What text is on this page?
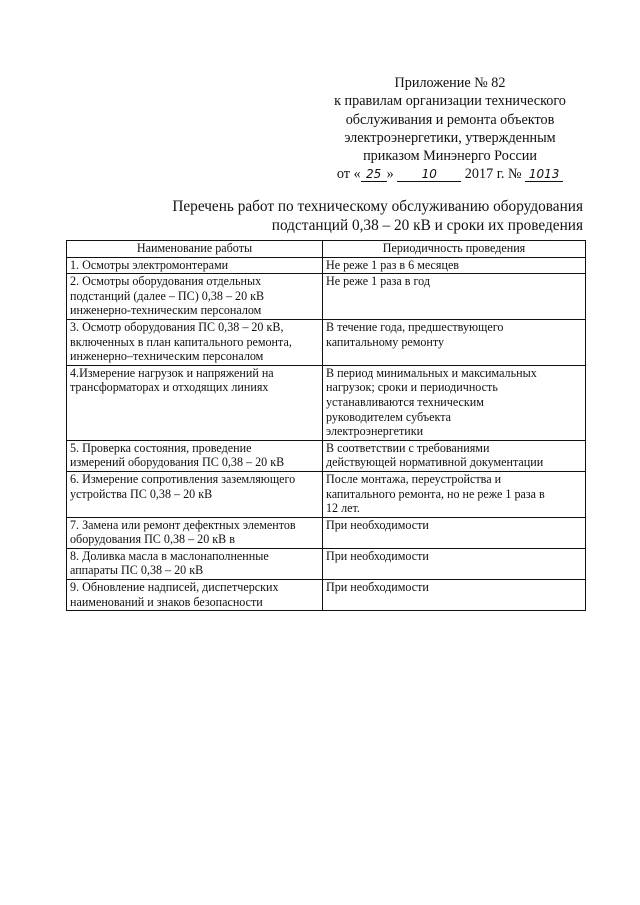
Приложение № 82
к правилам организации технического
обслуживания и ремонта объектов
электроэнергетики, утвержденным
приказом Минэнерго России
от « 25 » 10 2017 г. № 1013
Перечень работ по техническому обслуживанию оборудования
подстанций 0,38 – 20 кВ и сроки их проведения
Наименование работы	Периодичность проведения
1. Осмотры электромонтерами	Не реже 1 раз в 6 месяцев
2. Осмотры оборудования отдельных
подстанций (далее – ПС) 0,38 – 20 кВ
инженерно-техническим персоналом	Не реже 1 раза в год
3. Осмотр оборудования ПС 0,38 – 20 кВ,
включенных в план капитального ремонта,
инженерно–техническим персоналом	В течение года, предшествующего
капитальному ремонту
4.Измерение нагрузок и напряжений на
трансформаторах и отходящих линиях	В период минимальных и максимальных
нагрузок; сроки и периодичность
устанавливаются техническим
руководителем субъекта
электроэнергетики
5. Проверка состояния, проведение
измерений оборудования ПС 0,38 – 20 кВ	В соответствии с требованиями
действующей нормативной документации
6. Измерение сопротивления заземляющего
устройства ПС 0,38 – 20 кВ	После монтажа, переустройства и
капитального ремонта, но не реже 1 раза в
12 лет.
7. Замена или ремонт дефектных элементов
оборудования ПС 0,38 – 20 кВ в	При необходимости
8. Доливка масла в маслонаполненные
аппараты ПС 0,38 – 20 кВ	При необходимости
9. Обновление надписей, диспетчерских
наименований и знаков безопасности	При необходимости
